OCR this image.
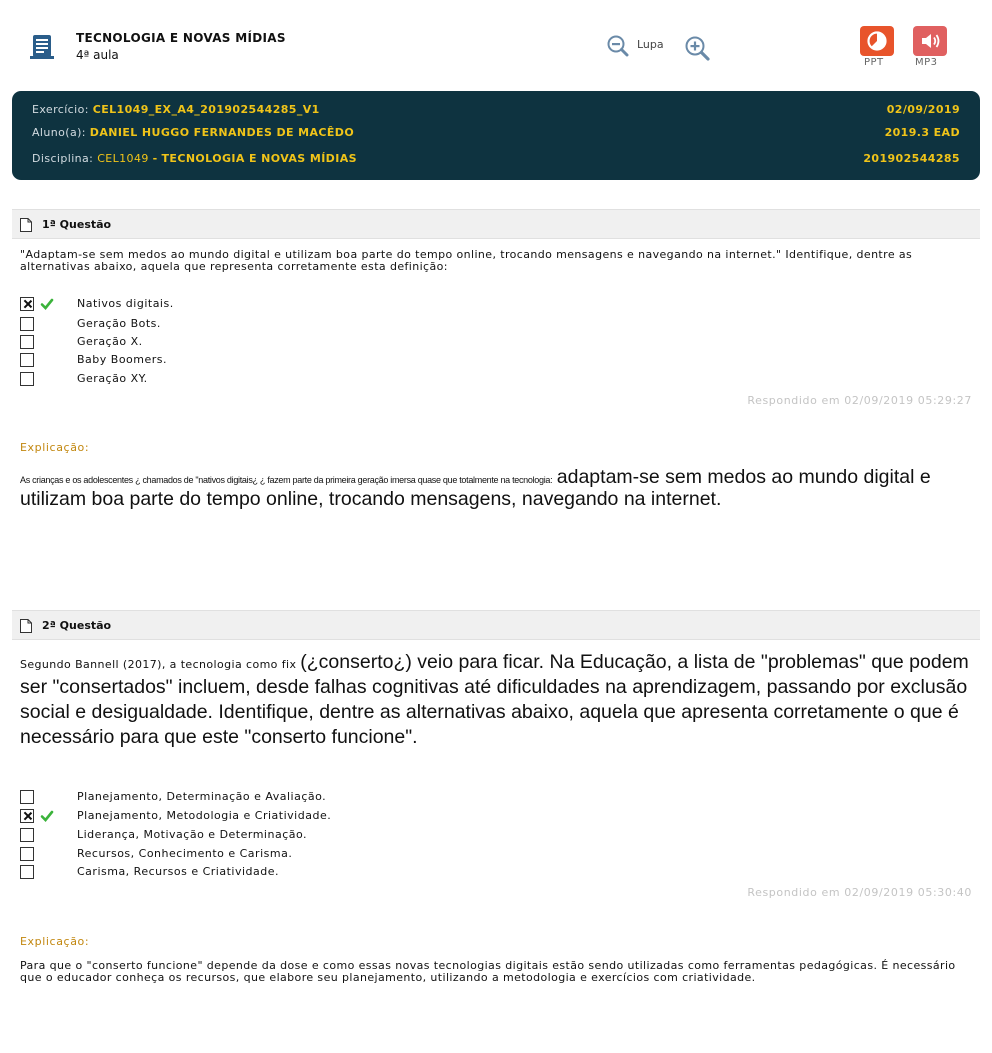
TECNOLOGIA E NOVAS MÍDIAS
4ª aula
Lupa
PPT	MP3
Exercício: CEL1049_EX_A4_201902544285_V1	02/09/2019
Aluno(a): DANIEL HUGGO FERNANDES DE MACÊDO	2019.3 EAD
Disciplina: CEL1049 - TECNOLOGIA E NOVAS MÍDIAS	201902544285
1ª Questão
"Adaptam-se sem medos ao mundo digital e utilizam boa parte do tempo online, trocando mensagens e navegando na internet." Identifique, dentre as alternativas abaixo, aquela que representa corretamente esta definição:
Nativos digitais.
Geração Bots.
Geração X.
Baby Boomers.
Geração XY.
Respondido em 02/09/2019 05:29:27
Explicação:
As crianças e os adolescentes ¿ chamados de "nativos digitais¿ ¿ fazem parte da primeira geração imersa quase que totalmente na tecnologia: adaptam-se sem medos ao mundo digital e utilizam boa parte do tempo online, trocando mensagens, navegando na internet.
2ª Questão
Segundo Bannell (2017), a tecnologia como fix (¿conserto¿) veio para ficar. Na Educação, a lista de "problemas" que podem ser "consertados" incluem, desde falhas cognitivas até dificuldades na aprendizagem, passando por exclusão social e desigualdade. Identifique, dentre as alternativas abaixo, aquela que apresenta corretamente o que é necessário para que este "conserto funcione".
Planejamento, Determinação e Avaliação.
Planejamento, Metodologia e Criatividade.
Liderança, Motivação e Determinação.
Recursos, Conhecimento e Carisma.
Carisma, Recursos e Criatividade.
Respondido em 02/09/2019 05:30:40
Explicação:
Para que o "conserto funcione" depende da dose e como essas novas tecnologias digitais estão sendo utilizadas como ferramentas pedagógicas. É necessário que o educador conheça os recursos, que elabore seu planejamento, utilizando a metodologia e exercícios com criatividade.
